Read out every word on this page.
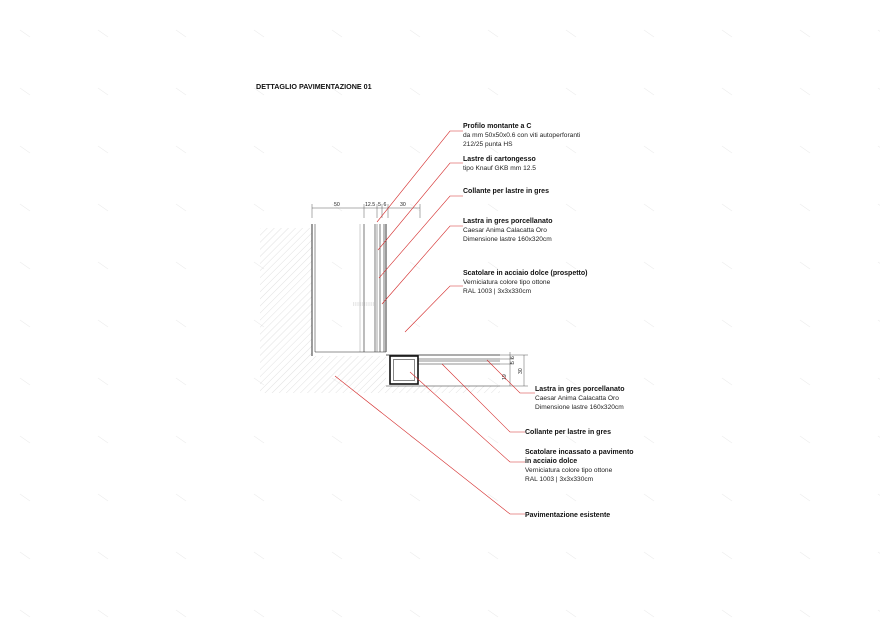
DETTAGLIO PAVIMENTAZIONE 01
50	12.5 5 6	30
19
5
6
30
Profilo montante a C
da mm 50x50x0.6 con viti autoperforanti
212/25 punta HS
Lastre di cartongesso
tipo Knauf GKB mm 12.5
Collante per lastre in gres
Lastra in gres porcellanato
Caesar Anima Calacatta Oro
Dimensione lastre 160x320cm
Scatolare in acciaio dolce (prospetto)
Verniciatura colore tipo ottone
RAL 1003 | 3x3x330cm
Lastra in gres porcellanato
Caesar Anima Calacatta Oro
Dimensione lastre 160x320cm
Collante per lastre in gres
Scatolare incassato a pavimento
in acciaio dolce
Verniciatura colore tipo ottone
RAL 1003 | 3x3x330cm
Pavimentazione esistente
